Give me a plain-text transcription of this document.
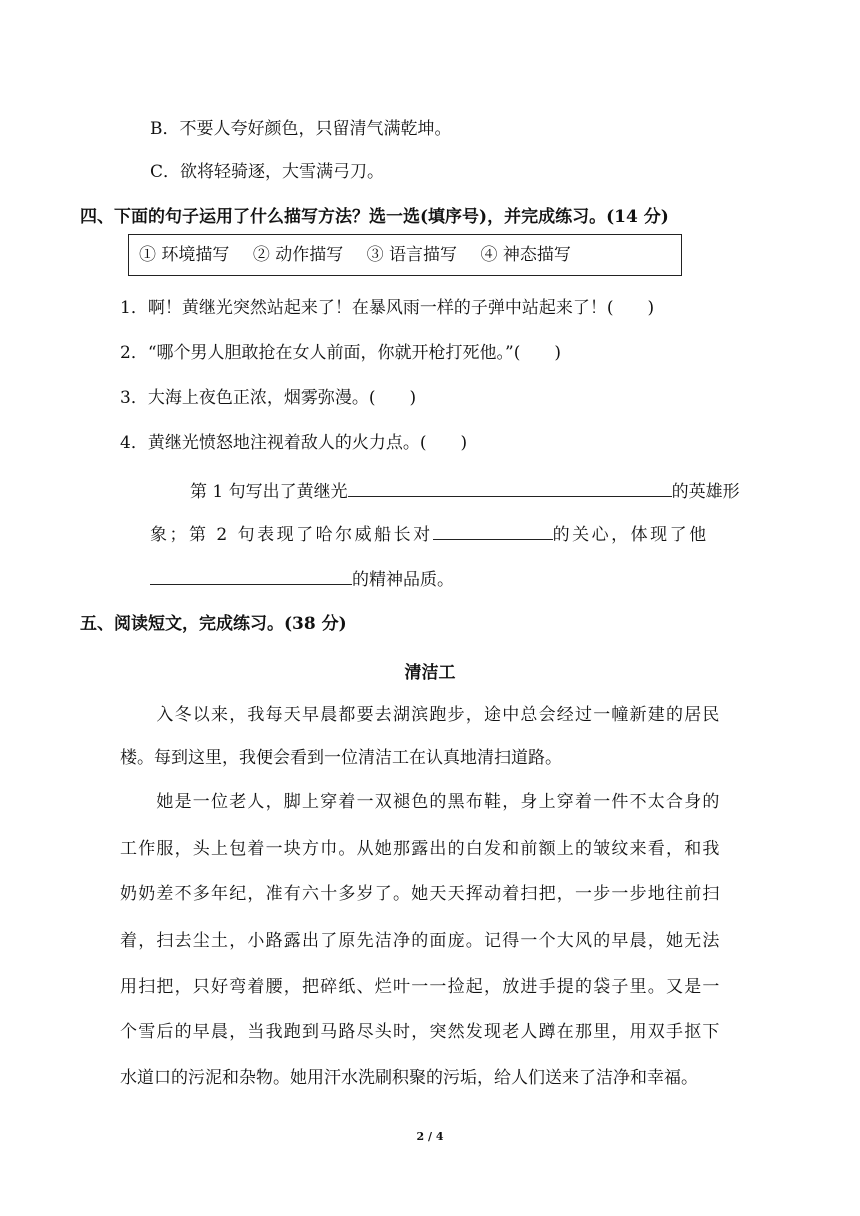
B．不要人夸好颜色，只留清气满乾坤。
C．欲将轻骑逐，大雪满弓刀。
四、下面的句子运用了什么描写方法？选一选(填序号)，并完成练习。(14 分)
① 环境描写 ② 动作描写 ③ 语言描写 ④ 神态描写
1．啊！黄继光突然站起来了！在暴风雨一样的子弹中站起来了！(　　)
2．“哪个男人胆敢抢在女人前面，你就开枪打死他。”(　　)
3．大海上夜色正浓，烟雾弥漫。(　　)
4．黄继光愤怒地注视着敌人的火力点。(　　)
第 1 句写出了黄继光	的英雄形
象；第 2 句表现了哈尔威船长对	的关心，体现了他
的精神品质。
五、阅读短文，完成练习。(38 分)
清洁工
　　入冬以来，我每天早晨都要去湖滨跑步，途中总会经过一幢新建的居民
楼。每到这里，我便会看到一位清洁工在认真地清扫道路。
　　她是一位老人，脚上穿着一双褪色的黑布鞋，身上穿着一件不太合身的
工作服，头上包着一块方巾。从她那露出的白发和前额上的皱纹来看，和我
奶奶差不多年纪，准有六十多岁了。她天天挥动着扫把，一步一步地往前扫
着，扫去尘土，小路露出了原先洁净的面庞。记得一个大风的早晨，她无法
用扫把，只好弯着腰，把碎纸、烂叶一一捡起，放进手提的袋子里。又是一
个雪后的早晨，当我跑到马路尽头时，突然发现老人蹲在那里，用双手抠下
水道口的污泥和杂物。她用汗水洗刷积聚的污垢，给人们送来了洁净和幸福。
2 / 4
